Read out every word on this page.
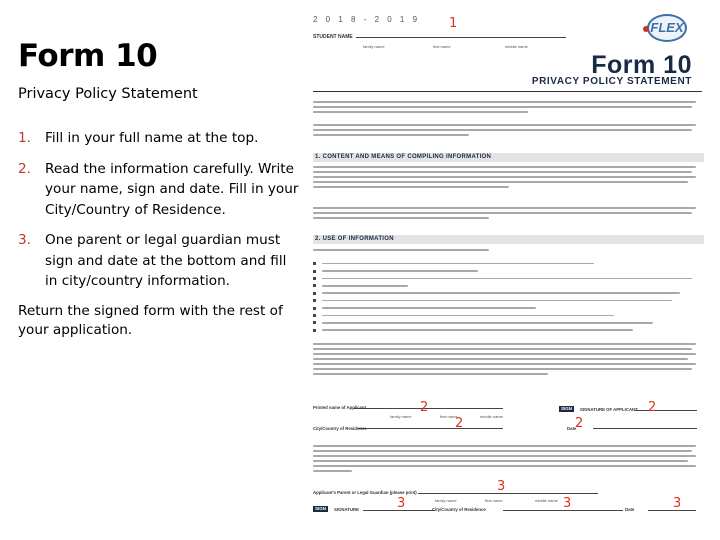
Form 10
Privacy Policy Statement
1.	Fill in your full name at the top.
2.	Read the information carefully. Write your name, sign and date. Fill in your City/Country of Residence.
3.	One parent or legal guardian must sign and date at the bottom and fill in city/country information.
Return the signed form with the rest of your application.
2 0 1 8 - 2 0 1 9
STUDENT NAME
family name	first name	middle name
FLEX
Form 10
PRIVACY POLICY STATEMENT
1. CONTENT AND MEANS OF COMPILING INFORMATION
2. USE OF INFORMATION
Printed name of Applicant
family name	first name	middle name
SIGN	SIGNATURE OF APPLICANT
City/Country of Residence	Date
Applicant's Parent or Legal Guardian (please print)
family name	first name	middle name
SIGN	SIGNATURE	City/Country of Residence	Date
1
2
2
2
2
3
3	3	3
